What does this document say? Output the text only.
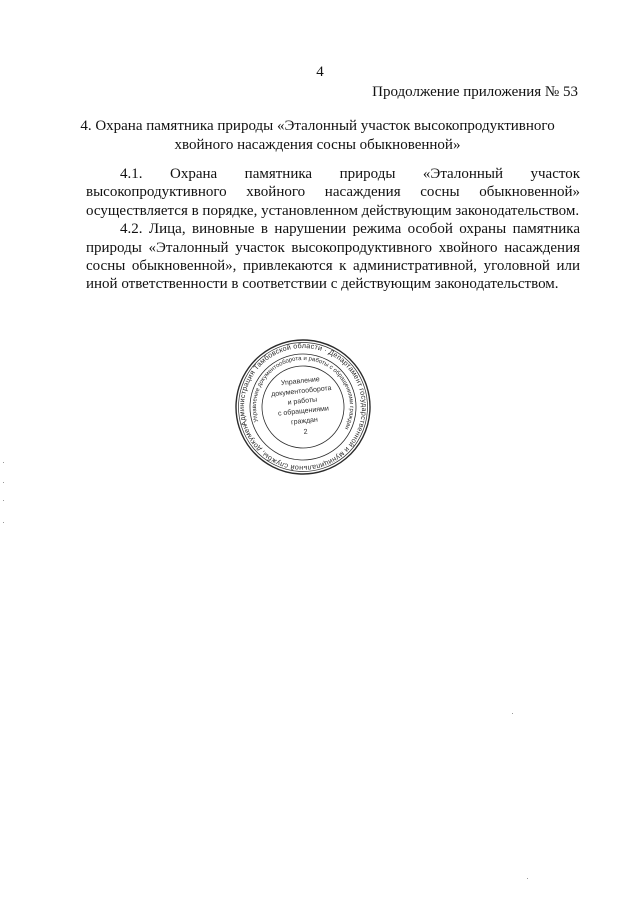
4
Продолжение приложения № 53
4. Охрана памятника природы «Эталонный участок высокопродуктивного
хвойного насаждения сосны обыкновенной»

4.1. Охрана памятника природы «Эталонный участок высокопродуктивного хвойного насаждения сосны обыкновенной» осуществляется в порядке, установленном действующим законодательством.

4.2. Лица, виновные в нарушении режима особой охраны памятника природы «Эталонный участок высокопродуктивного хвойного насаждения сосны обыкновенной», привлекаются к административной, уголовной или иной ответственности в соответствии с действующим законодательством.

Администрация Тамбовской области · Департамент государственной и муниципальной службы, документооборота
Управление документооборота и работы с обращениями граждан
Управление
документооборота
и работы
с обращениями
граждан
2
